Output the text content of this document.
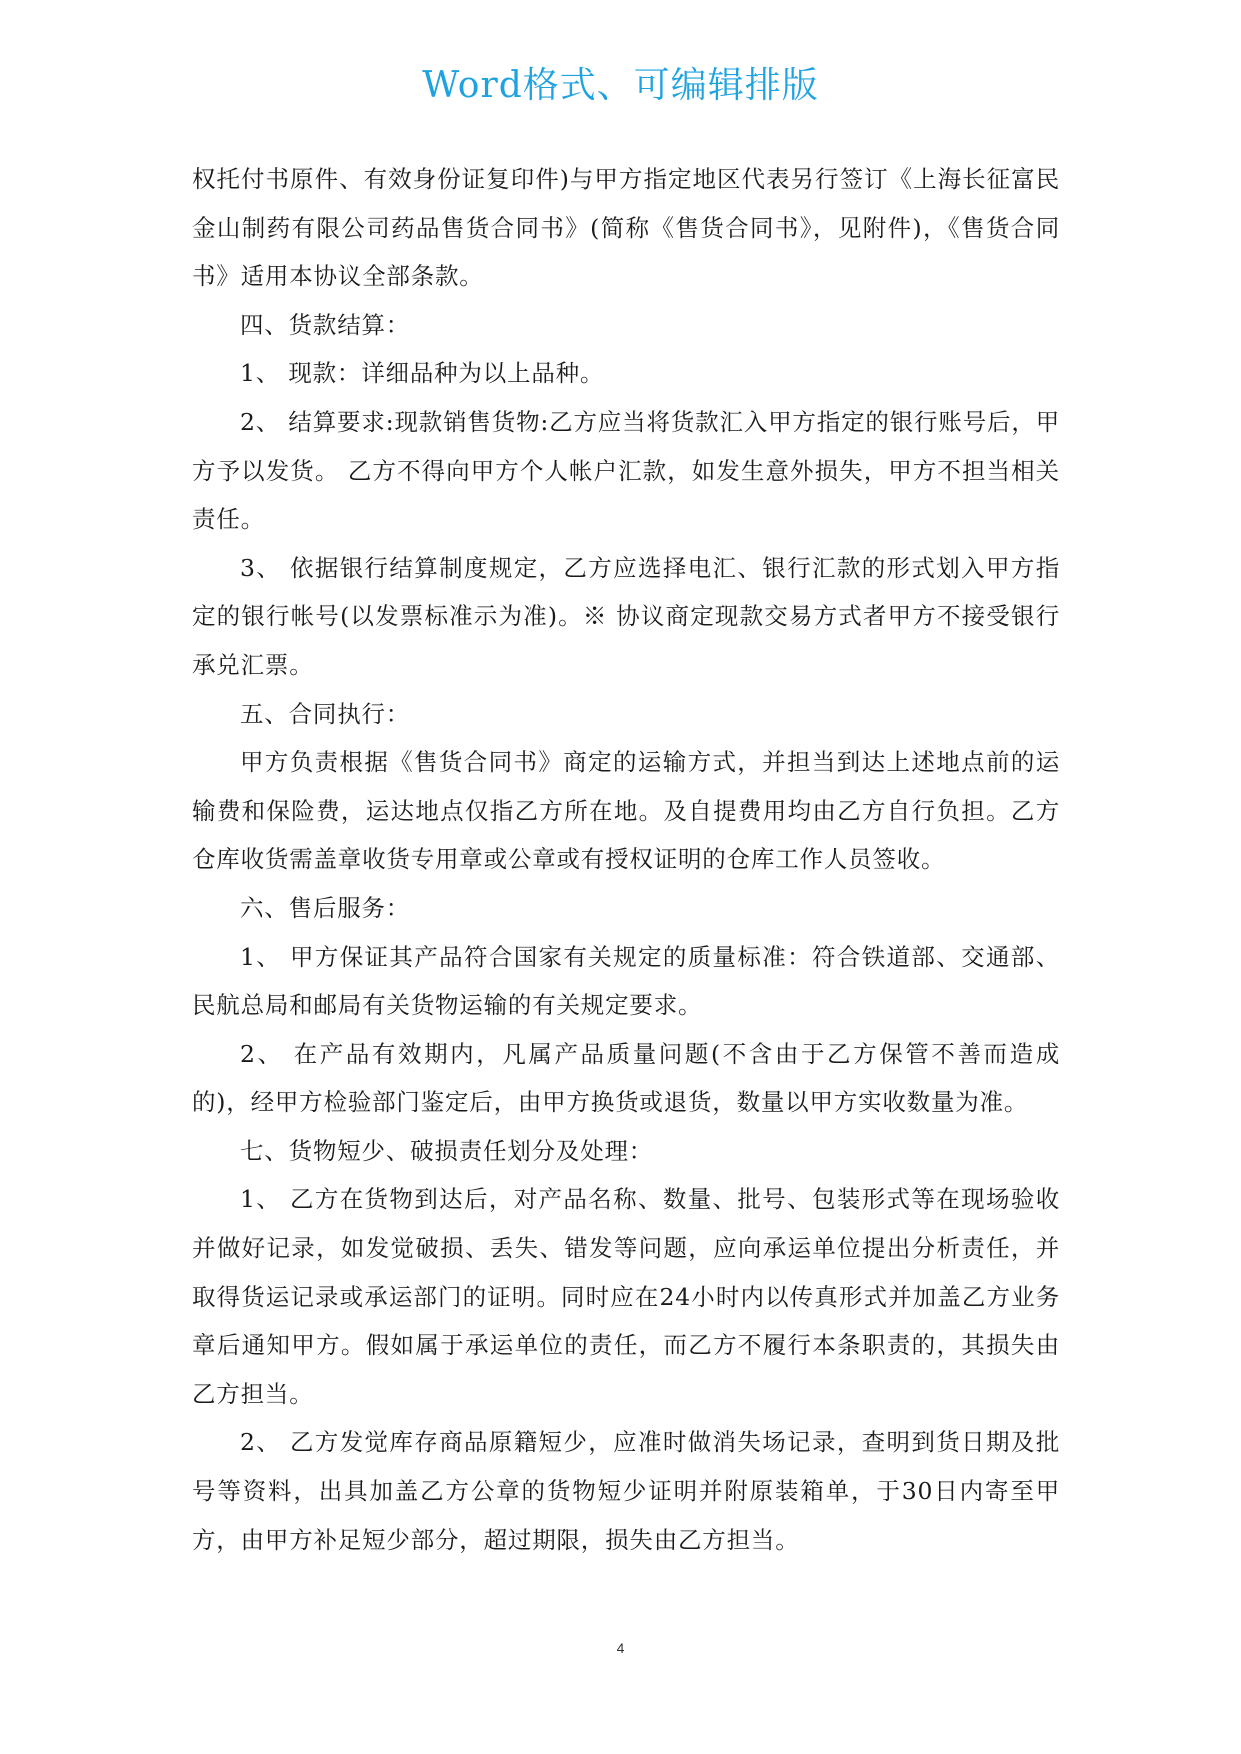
Word格式、可编辑排版

权托付书原件、有效身份证复印件)与甲方指定地区代表另行签订《上海长征富民金山制药有限公司药品售货合同书》(简称《售货合同书》，见附件)，《售货合同书》适用本协议全部条款。

四、货款结算：

1、 现款：详细品种为以上品种。

2、 结算要求:现款销售货物:乙方应当将货款汇入甲方指定的银行账号后，甲方予以发货。 乙方不得向甲方个人帐户汇款，如发生意外损失，甲方不担当相关责任。

3、 依据银行结算制度规定，乙方应选择电汇、银行汇款的形式划入甲方指定的银行帐号(以发票标准示为准)。※ 协议商定现款交易方式者甲方不接受银行承兑汇票。

五、合同执行：

甲方负责根据《售货合同书》商定的运输方式，并担当到达上述地点前的运输费和保险费，运达地点仅指乙方所在地。及自提费用均由乙方自行负担。乙方仓库收货需盖章收货专用章或公章或有授权证明的仓库工作人员签收。

六、售后服务：

1、 甲方保证其产品符合国家有关规定的质量标准：符合铁道部、交通部、民航总局和邮局有关货物运输的有关规定要求。

2、 在产品有效期内，凡属产品质量问题(不含由于乙方保管不善而造成的)，经甲方检验部门鉴定后，由甲方换货或退货，数量以甲方实收数量为准。

七、货物短少、破损责任划分及处理：

1、 乙方在货物到达后，对产品名称、数量、批号、包装形式等在现场验收并做好记录，如发觉破损、丢失、错发等问题，应向承运单位提出分析责任，并取得货运记录或承运部门的证明。同时应在24小时内以传真形式并加盖乙方业务章后通知甲方。假如属于承运单位的责任，而乙方不履行本条职责的，其损失由乙方担当。

2、 乙方发觉库存商品原籍短少，应准时做消失场记录，查明到货日期及批号等资料，出具加盖乙方公章的货物短少证明并附原装箱单，于30日内寄至甲方，由甲方补足短少部分，超过期限，损失由乙方担当。

4
